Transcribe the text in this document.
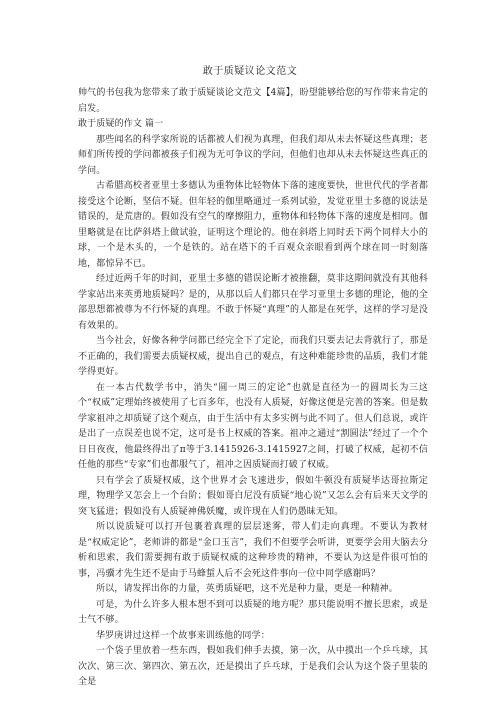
敢于质疑议论文范文

帅气的书包我为您带来了敢于质疑谈论文范文【4篇】，盼望能够给您的写作带来肯定的启发。

敢于质疑的作文 篇一

那些闻名的科学家所说的话都被人们视为真理，但我们却从未去怀疑这些真理；老师们所传授的学问都被孩子们视为无可争议的学问，但他们也却从未去怀疑这些真正的学问。

古希腊高校者亚里士多德认为重物体比轻物体下落的速度要快，世世代代的学者都接受这个论断，坚信不疑。但年轻的伽里略通过一系列试验，发觉亚里士多德的说法是错误的，是荒唐的。假如没有空气的摩擦阻力，重物体和轻物体下落的速度是相同。伽里略就是在比萨斜塔上做试验，证明这个理论的。他在斜塔上同时丢下两个同样大小的球，一个是木头的，一个是铁的。站在塔下的千百观众亲眼看到两个球在同一时刻落地，都惊异不已。

经过近两千年的时间，亚里士多德的错误论断才被推翻，莫非这期间就没有其他科学家站出来英勇地质疑吗？是的，从那以后人们都只在学习亚里士多德的理论，他的全部思想都被尊为不行怀疑的真理。不敢于怀疑“真理”的人都是在死学，这样的学习是没有效果的。

当今社会，好像各种学问都已经完全下了定论，而我们只要去记去背就行了，那是不正确的，我们需要去质疑权威，提出自己的观点，有这种难能珍贵的品质，我们才能学得更好。

在一本古代数学书中，消失“圆一周三的定论”也就是直径为一的圆周长为三这个“权威”定理始终被使用了七百多年，也没有人质疑，好像这便是完善的答案。但是数学家祖冲之却质疑了这个观点，由于生活中有太多实例与此不同了。但人们总说，或许是出了一点误差也说不定，这可是书上权威的答案。祖冲之通过“割圆法”经过了一个个日日夜夜，他最终得出了π等于3.1415926-3.1415927之间，打破了权威，起初不信任他的那些“专家”们也都服气了，祖冲之因质疑而打破了权威。

只有学会了质疑权威，这个世界才会飞速进步，假如牛顿没有质疑毕达哥拉斯定理，物理学又怎会上一个台阶；假如哥白尼没有质疑“地心说”又怎么会有后来天文学的突飞猛进；假如没有人质疑神佛妖魔，或许现在人们仍愚昧无知。

所以说质疑可以打开包裹着真理的层层迷雾，带人们走向真理。不要认为教材是“权威定论”，老师讲的都是“金口玉言”，我们不但要学会听讲，更要学会用大脑去分析和思索，我们需要拥有敢于质疑权威的这种珍贵的精神，不要认为这是件很可怕的事，冯骥才先生还不是由于马蜂蜇人后不会死这件事向一位中同学感谢吗？

所以，请发挥出你的力量，英勇质疑吧，这不光是种力量，更是一种精神。

可是，为什么许多人根本想不到可以质疑的地方呢？那只能说明不擅长思索，或是士气不够。

华罗庚讲过这样一个故事来训练他的同学：

一个袋子里放着一些东西，假如我们伸手去摸，第一次，从中摸出一个乒乓球，其次次、第三次、第四次、第五次，还是摸出了乒乓球，于是我们会认为这个袋子里装的全是
